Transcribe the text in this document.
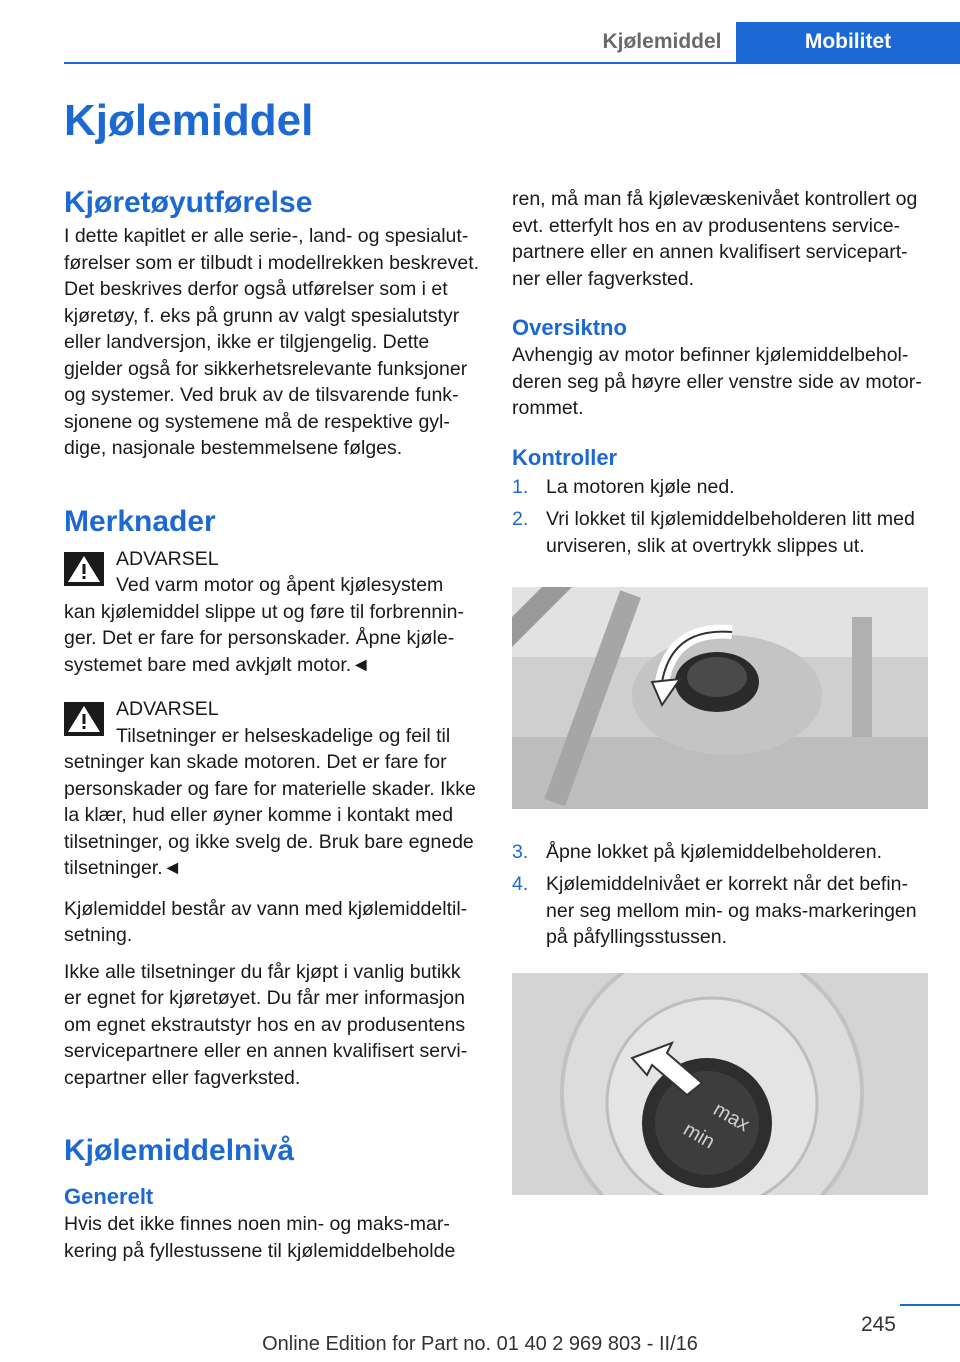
Kjølemiddel	Mobilitet
Kjølemiddel
Kjøretøyutførelse

I dette kapitlet er alle serie-, land- og spesialutførelser som er tilbudt i modellrekken beskrevet. Det beskrives derfor også utførelser som i et kjøretøy, f. eks på grunn av valgt spesialutstyr eller landversjon, ikke er tilgjengelig. Dette gjelder også for sikkerhetsrelevante funksjoner og systemer. Ved bruk av de tilsvarende funksjonene og systemene må de respektive gyldige, nasjonale bestemmelsene følges.

Merknader
ADVARSEL
Ved varm motor og åpent kjølesystem
kan kjølemiddel slippe ut og føre til forbrenninger. Det er fare for personskader. Åpne kjølesystemet bare med avkjølt motor.◄
ADVARSEL
Tilsetninger er helseskadelige og feil til
setninger kan skade motoren. Det er fare for personskader og fare for materielle skader. Ikke la klær, hud eller øyner komme i kontakt med tilsetninger, og ikke svelg de. Bruk bare egnede tilsetninger.◄

Kjølemiddel består av vann med kjølemiddeltilsetning.

Ikke alle tilsetninger du får kjøpt i vanlig butikk er egnet for kjøretøyet. Du får mer informasjon om egnet ekstrautstyr hos en av produsentens servicepartnere eller en annen kvalifisert servicepartner eller fagverksted.

Kjølemiddelnivå
Generelt

Hvis det ikke finnes noen min- og maks-markering på fyllestussene til kjølemiddelbeholde

ren, må man få kjølevæskenivået kontrollert og evt. etterfylt hos en av produsentens servicepartnere eller en annen kvalifisert servicepartner eller fagverksted.

Oversiktno

Avhengig av motor befinner kjølemiddelbeholderen seg på høyre eller venstre side av motorrommet.

Kontroller
1. La motoren kjøle ned.
2. Vri lokket til kjølemiddelbeholderen litt med urviseren, slik at overtrykk slippes ut.
3. Åpne lokket på kjølemiddelbeholderen.
4. Kjølemiddelnivået er korrekt når det befinner seg mellom min- og maks-markeringen på påfyllingsstussen.
max
min
245
Online Edition for Part no. 01 40 2 969 803 - II/16
